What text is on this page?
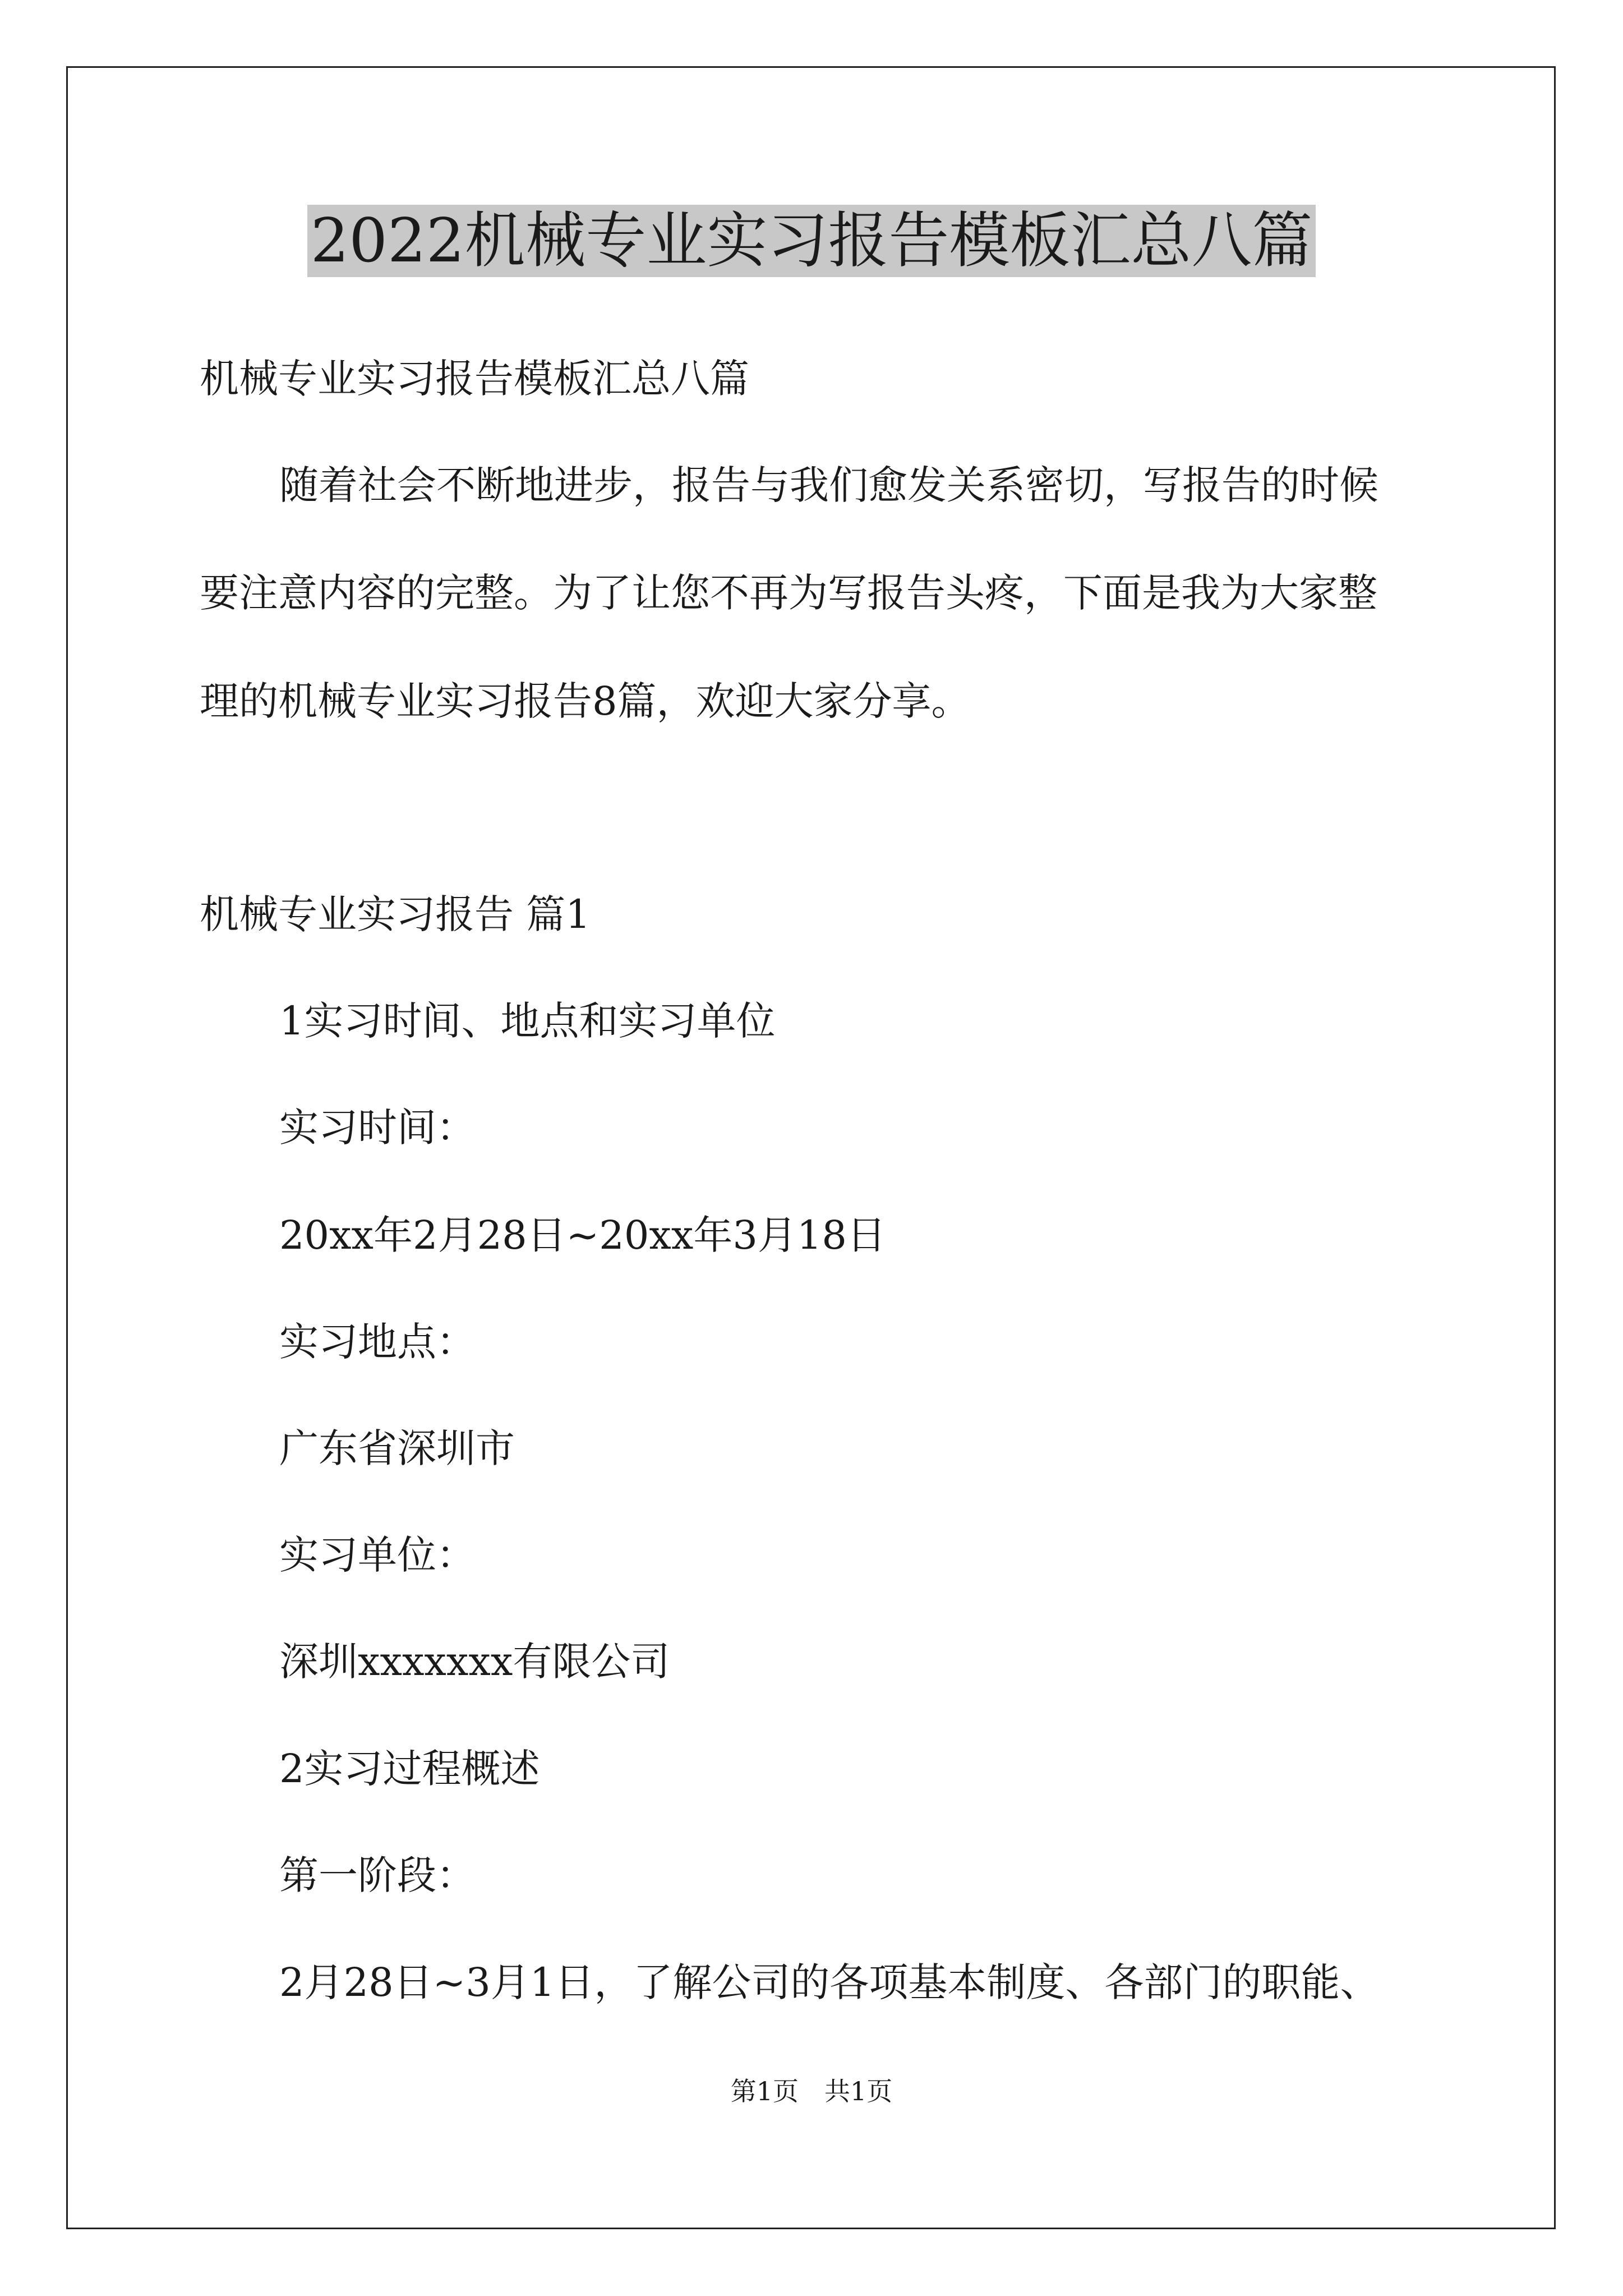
2022机械专业实习报告模板汇总八篇
机械专业实习报告模板汇总八篇
随着社会不断地进步，报告与我们愈发关系密切，写报告的时候
要注意内容的完整。为了让您不再为写报告头疼，下面是我为大家整
理的机械专业实习报告8篇，欢迎大家分享。
机械专业实习报告 篇1
1实习时间、地点和实习单位
实习时间：
20xx年2月28日~20xx年3月18日
实习地点：
广东省深圳市
实习单位：
深圳xxxxxxx有限公司
2实习过程概述
第一阶段：
2月28日~3月1日，了解公司的各项基本制度、各部门的职能、
第1页　共1页
